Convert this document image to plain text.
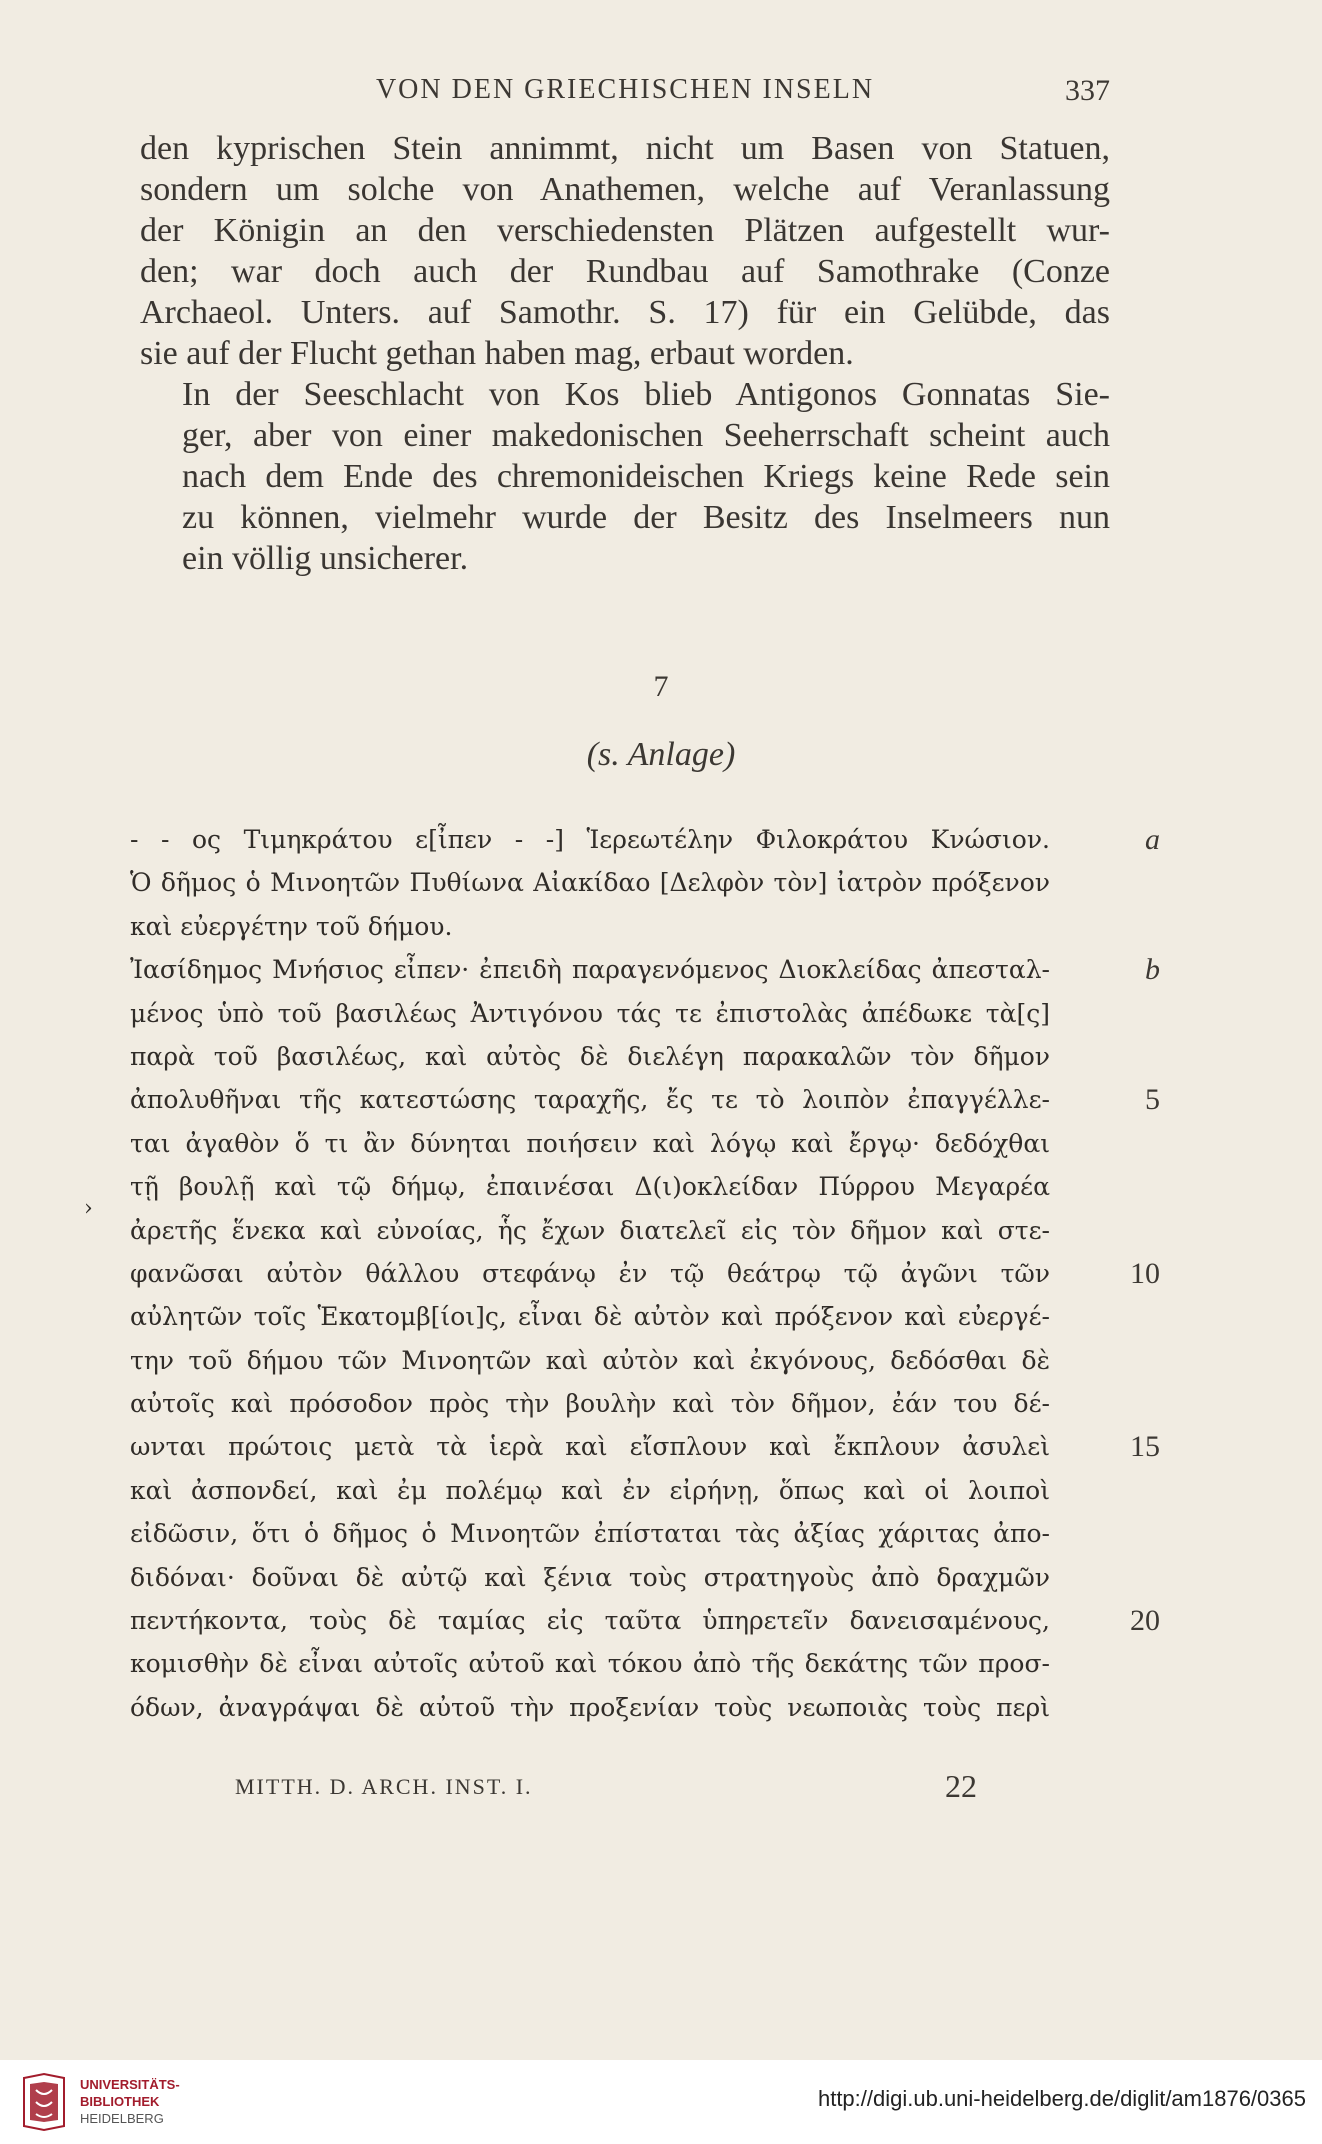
VON DEN GRIECHISCHEN INSELN	337

den kyprischen Stein annimmt, nicht um Basen von Statuen,
sondern um solche von Anathemen, welche auf Veranlassung
der Königin an den verschiedensten Plätzen aufgestellt wur-
den; war doch auch der Rundbau auf Samothrake (Conze
Archaeol. Unters. auf Samothr. S. 17) für ein Gelübde, das
sie auf der Flucht gethan haben mag, erbaut worden.

In der Seeschlacht von Kos blieb Antigonos Gonnatas Sie-
ger, aber von einer makedonischen Seeherrschaft scheint auch
nach dem Ende des chremonideischen Kriegs keine Rede sein
zu können, vielmehr wurde der Besitz des Inselmeers nun
ein völlig unsicherer.

7
(s. Anlage)
- - ος Τιμηκράτου ε[ἶπεν - -] Ἱερεωτέλην Φιλοκράτου Κνώσιον.
Ὁ δῆμος ὁ Μινοητῶν Πυθίωνα Αἰακίδαο [Δελφὸν τὸν] ἰατρὸν πρόξενον
καὶ εὐεργέτην τοῦ δήμου.
Ἰασίδημος Μνήσιος εἶπεν· ἐπειδὴ παραγενόμενος Διοκλείδας ἀπεσταλ-
μένος ὑπὸ τοῦ βασιλέως Ἀντιγόνου τάς τε ἐπιστολὰς ἀπέδωκε τὰ[ς]
παρὰ τοῦ βασιλέως, καὶ αὐτὸς δὲ διελέγη παρακαλῶν τὸν δῆμον
ἀπολυθῆναι τῆς κατεστώσης ταραχῆς, ἔς τε τὸ λοιπὸν ἐπαγγέλλε-
ται ἀγαθὸν ὅ τι ἂν δύνηται ποιήσειν καὶ λόγῳ καὶ ἔργῳ· δεδόχθαι
τῇ βουλῇ καὶ τῷ δήμῳ, ἐπαινέσαι Δ(ι)οκλείδαν Πύρρου Μεγαρέα
ἀρετῆς ἕνεκα καὶ εὐνοίας, ἧς ἔχων διατελεῖ εἰς τὸν δῆμον καὶ στε-
φανῶσαι αὐτὸν θάλλου στεφάνῳ ἐν τῷ θεάτρῳ τῷ ἀγῶνι τῶν
αὐλητῶν τοῖς Ἑκατομβ[ίοι]ς, εἶναι δὲ αὐτὸν καὶ πρόξενον καὶ εὐεργέ-
την τοῦ δήμου τῶν Μινοητῶν καὶ αὐτὸν καὶ ἐκγόνους, δεδόσθαι δὲ
αὐτοῖς καὶ πρόσοδον πρὸς τὴν βουλὴν καὶ τὸν δῆμον, ἐάν του δέ-
ωνται πρώτοις μετὰ τὰ ἱερὰ καὶ εἴσπλουν καὶ ἔκπλουν ἀσυλεὶ
καὶ ἀσπονδεί, καὶ ἐμ πολέμῳ καὶ ἐν εἰρήνῃ, ὅπως καὶ οἱ λοιποὶ
εἰδῶσιν, ὅτι ὁ δῆμος ὁ Μινοητῶν ἐπίσταται τὰς ἀξίας χάριτας ἀπο-
διδόναι· δοῦναι δὲ αὐτῷ καὶ ξένια τοὺς στρατηγοὺς ἀπὸ δραχμῶν
πεντήκοντα, τοὺς δὲ ταμίας εἰς ταῦτα ὑπηρετεῖν δανεισαμένους,
κομισθὴν δὲ εἶναι αὐτοῖς αὐτοῦ καὶ τόκου ἀπὸ τῆς δεκάτης τῶν προσ-
όδων, ἀναγράψαι δὲ αὐτοῦ τὴν προξενίαν τοὺς νεωποιὰς τοὺς περὶ
a
b
5
10
15
20
›
MITTH. D. ARCH. INST. I.	22
UNIVERSITÄTS-
BIBLIOTHEK
HEIDELBERG
http://digi.ub.uni-heidelberg.de/diglit/am1876/0365
